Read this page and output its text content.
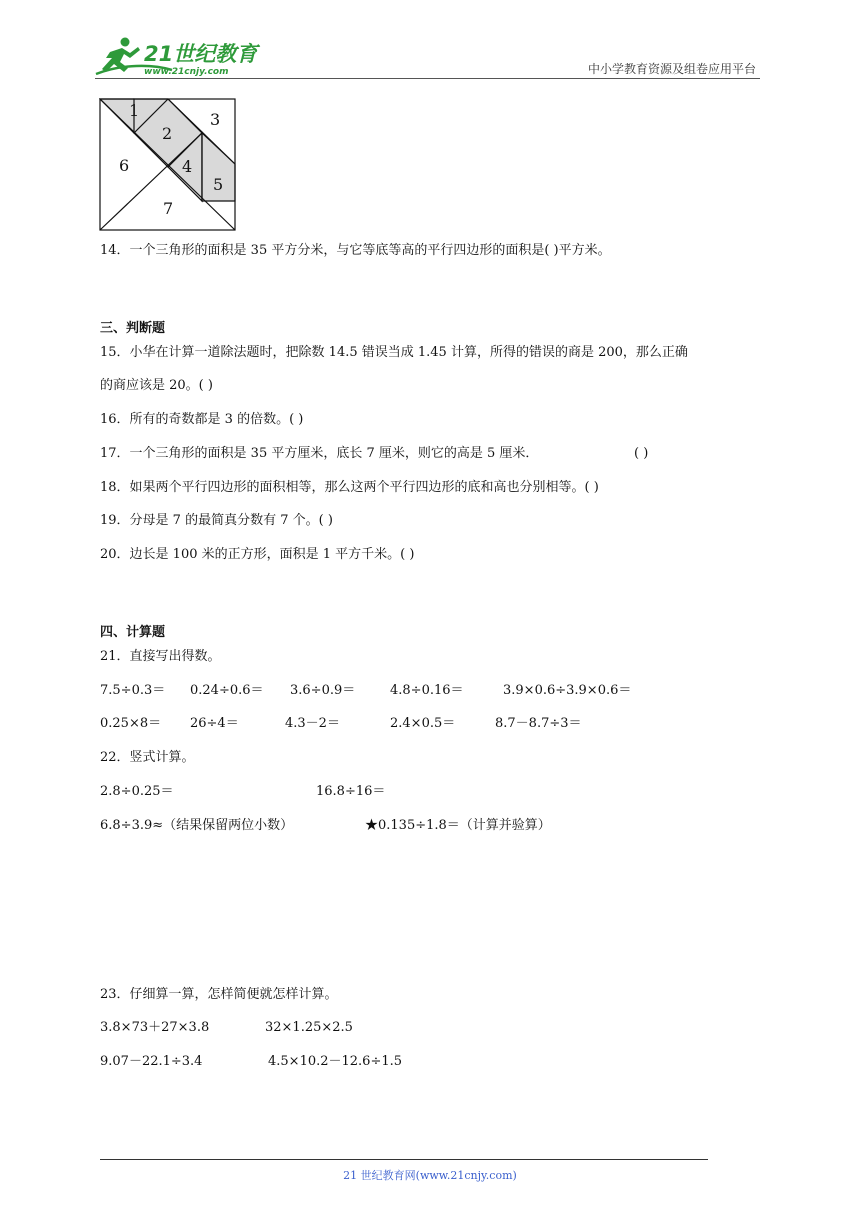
21世纪教育
www.21cnjy.com	中小学教育资源及组卷应用平台
1
2
3
4
5
6
7
14．一个三角形的面积是 35 平方分米，与它等底等高的平行四边形的面积是( )平方米。
三、判断题
15．小华在计算一道除法题时，把除数 14.5 错误当成 1.45 计算，所得的错误的商是 200，那么正确
的商应该是 20。( )
16．所有的奇数都是 3 的倍数。( )
17．一个三角形的面积是 35 平方厘米，底长 7 厘米，则它的高是 5 厘米．	( )
18．如果两个平行四边形的面积相等，那么这两个平行四边形的底和高也分别相等。( )
19．分母是 7 的最简真分数有 7 个。( )
20．边长是 100 米的正方形，面积是 1 平方千米。( )
四、计算题
21．直接写出得数。
7.5÷0.3＝ 0.24÷0.6＝ 3.6÷0.9＝	4.8÷0.16＝	3.9×0.6÷3.9×0.6＝
0.25×8＝ 26÷4＝	4.3－2＝	2.4×0.5＝	8.7－8.7÷3＝
22．竖式计算。
2.8÷0.25＝	16.8÷16＝
6.8÷3.9≈（结果保留两位小数）	★0.135÷1.8＝（计算并验算）
23．仔细算一算，怎样简便就怎样计算。
3.8×73＋27×3.8	32×1.25×2.5
9.07－22.1÷3.4	4.5×10.2－12.6÷1.5
21 世纪教育网(www.21cnjy.com)
